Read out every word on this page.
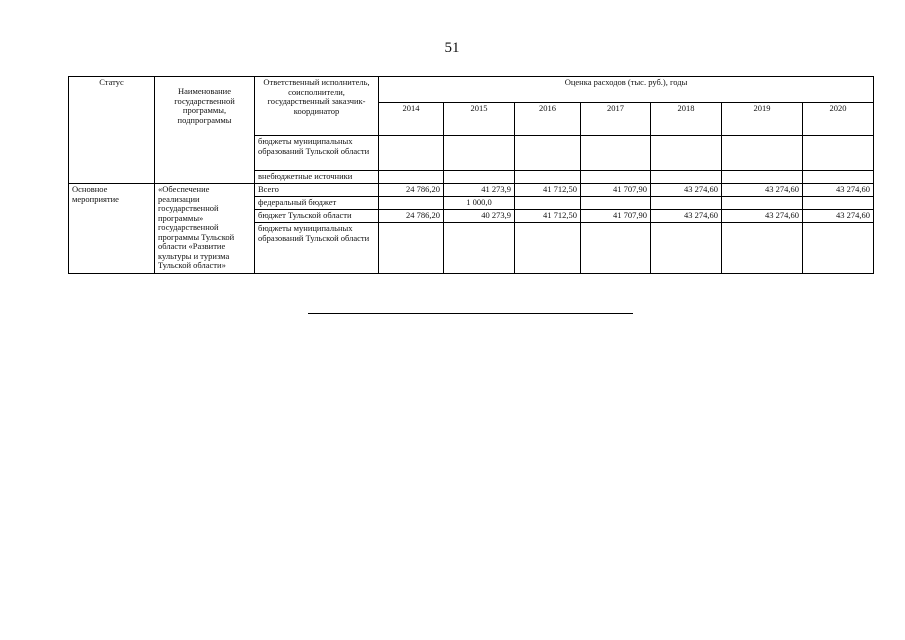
51
Статус	Наименование государственной программы, подпрограммы	Ответственный исполнитель, соисполнители, государственный заказчик-координатор	Оценка расходов (тыс. руб.), годы						
			2014	2015	2016	2017	2018	2019	2020
		бюджеты муниципальных образований Тульской области							
		внебюджетные источники							
Основное мероприятие	«Обеспечение реализации государственной программы» государственной программы Тульской области «Развитие культуры и туризма Тульской области»	Всего	24 786,20	41 273,9	41 712,50	41 707,90	43 274,60	43 274,60	43 274,60
		федеральный бюджет		1 000,0					
		бюджет Тульской области	24 786,20	40 273,9	41 712,50	41 707,90	43 274,60	43 274,60	43 274,60
		бюджеты муниципальных образований Тульской области							
